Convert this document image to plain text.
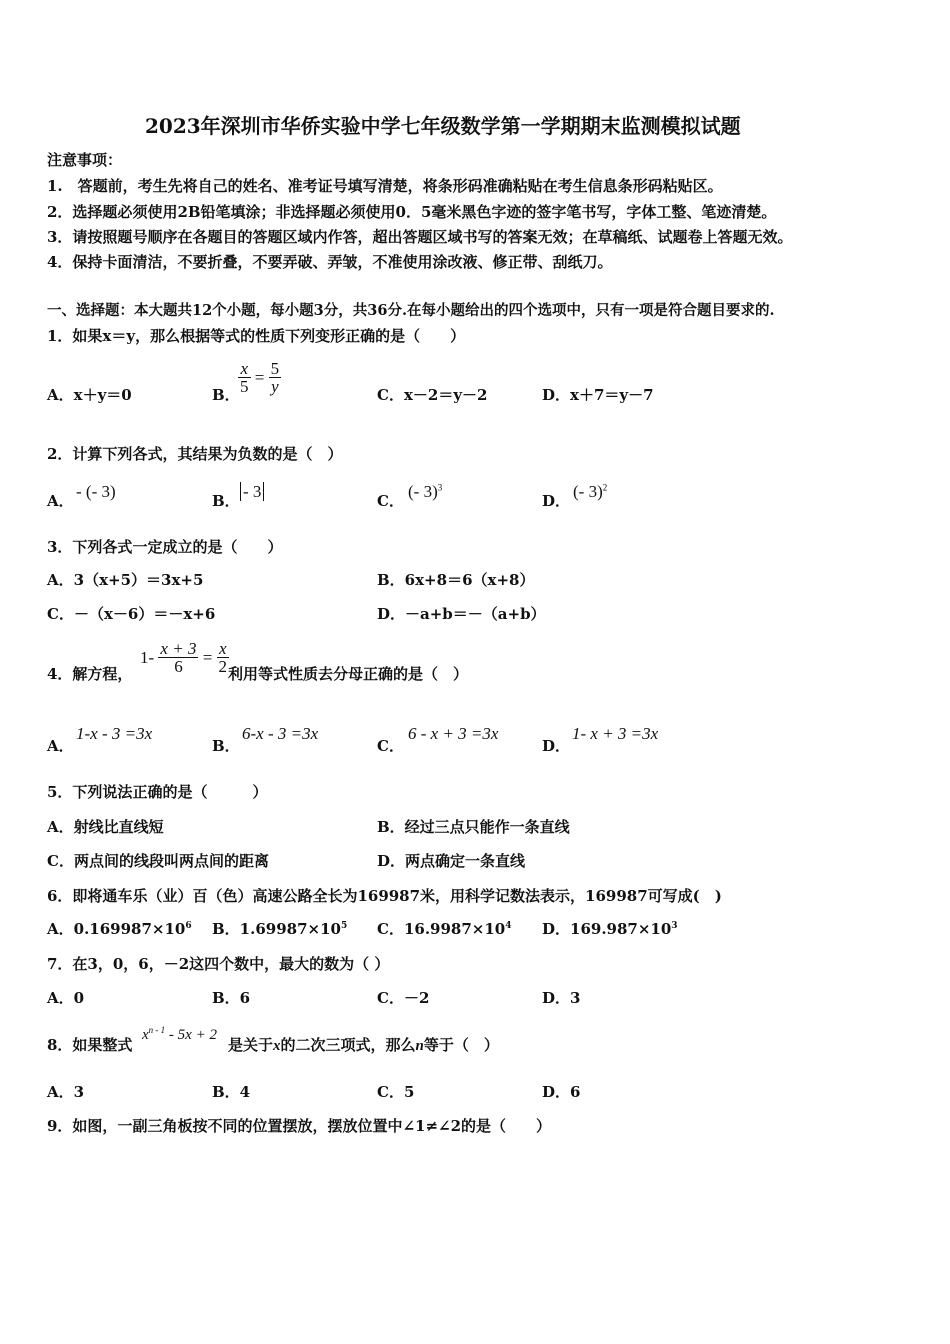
2023年深圳市华侨实验中学七年级数学第一学期期末监测模拟试题
注意事项：
1.　答题前，考生先将自己的姓名、准考证号填写清楚，将条形码准确粘贴在考生信息条形码粘贴区。
2．选择题必须使用2B铅笔填涂；非选择题必须使用0．5毫米黑色字迹的签字笔书写，字体工整、笔迹清楚。
3．请按照题号顺序在各题目的答题区域内作答，超出答题区域书写的答案无效；在草稿纸、试题卷上答题无效。
4．保持卡面清洁，不要折叠，不要弄破、弄皱，不准使用涂改液、修正带、刮纸刀。
一、选择题：本大题共12个小题，每小题3分，共36分.在每小题给出的四个选项中，只有一项是符合题目要求的.
1．如果x＝y，那么根据等式的性质下列变形正确的是（　　）
A．x＋y＝0	B．
$\frac{x}{5} = \frac{5}{y}$	C．x－2＝y－2	D．x＋7＝y－7
2．计算下列各式，其结果为负数的是（　）
A． - (- 3)	B． - 3	C． (- 3)$^3$
D． (- 3)$^2$
3．下列各式一定成立的是（　　）
A．3（x+5）＝3x+5	B．6x+8＝6（x+8）
C．－（x－6）＝－x+6	D．－a+b＝－（a+b）
4．解方程，
$1- \frac{x + 3}{6} = \frac{x}{2}$
利用等式性质去分母正确的是（　）
A．
1-x - 3 =3x
B．
6-x - 3 =3x
C．
6 - x + 3 =3x
D．
1- x + 3 =3x
5．下列说法正确的是（　　　）
A．射线比直线短	B．经过三点只能作一条直线
C．两点间的线段叫两点间的距离	D．两点确定一条直线
6．即将通车乐（业）百（色）高速公路全长为169987米，用科学记数法表示，169987可写成(　)
A．$0.169987\times 10^6$ B．$1.69987\times 10^5$ C．$16.9987\times 10^4$ D．$169.987\times 10^3$
7．在3，0，6，－2这四个数中，最大的数为（ ）
A．0	B．6	C．－2	D．3
8．如果整式
$x^{n - 1} - 5x + 2$
是关于x的二次三项式，那么n等于（　）
A．3	B．4	C．5	D．6
9．如图，一副三角板按不同的位置摆放，摆放位置中∠1≠∠2的是（　　）
